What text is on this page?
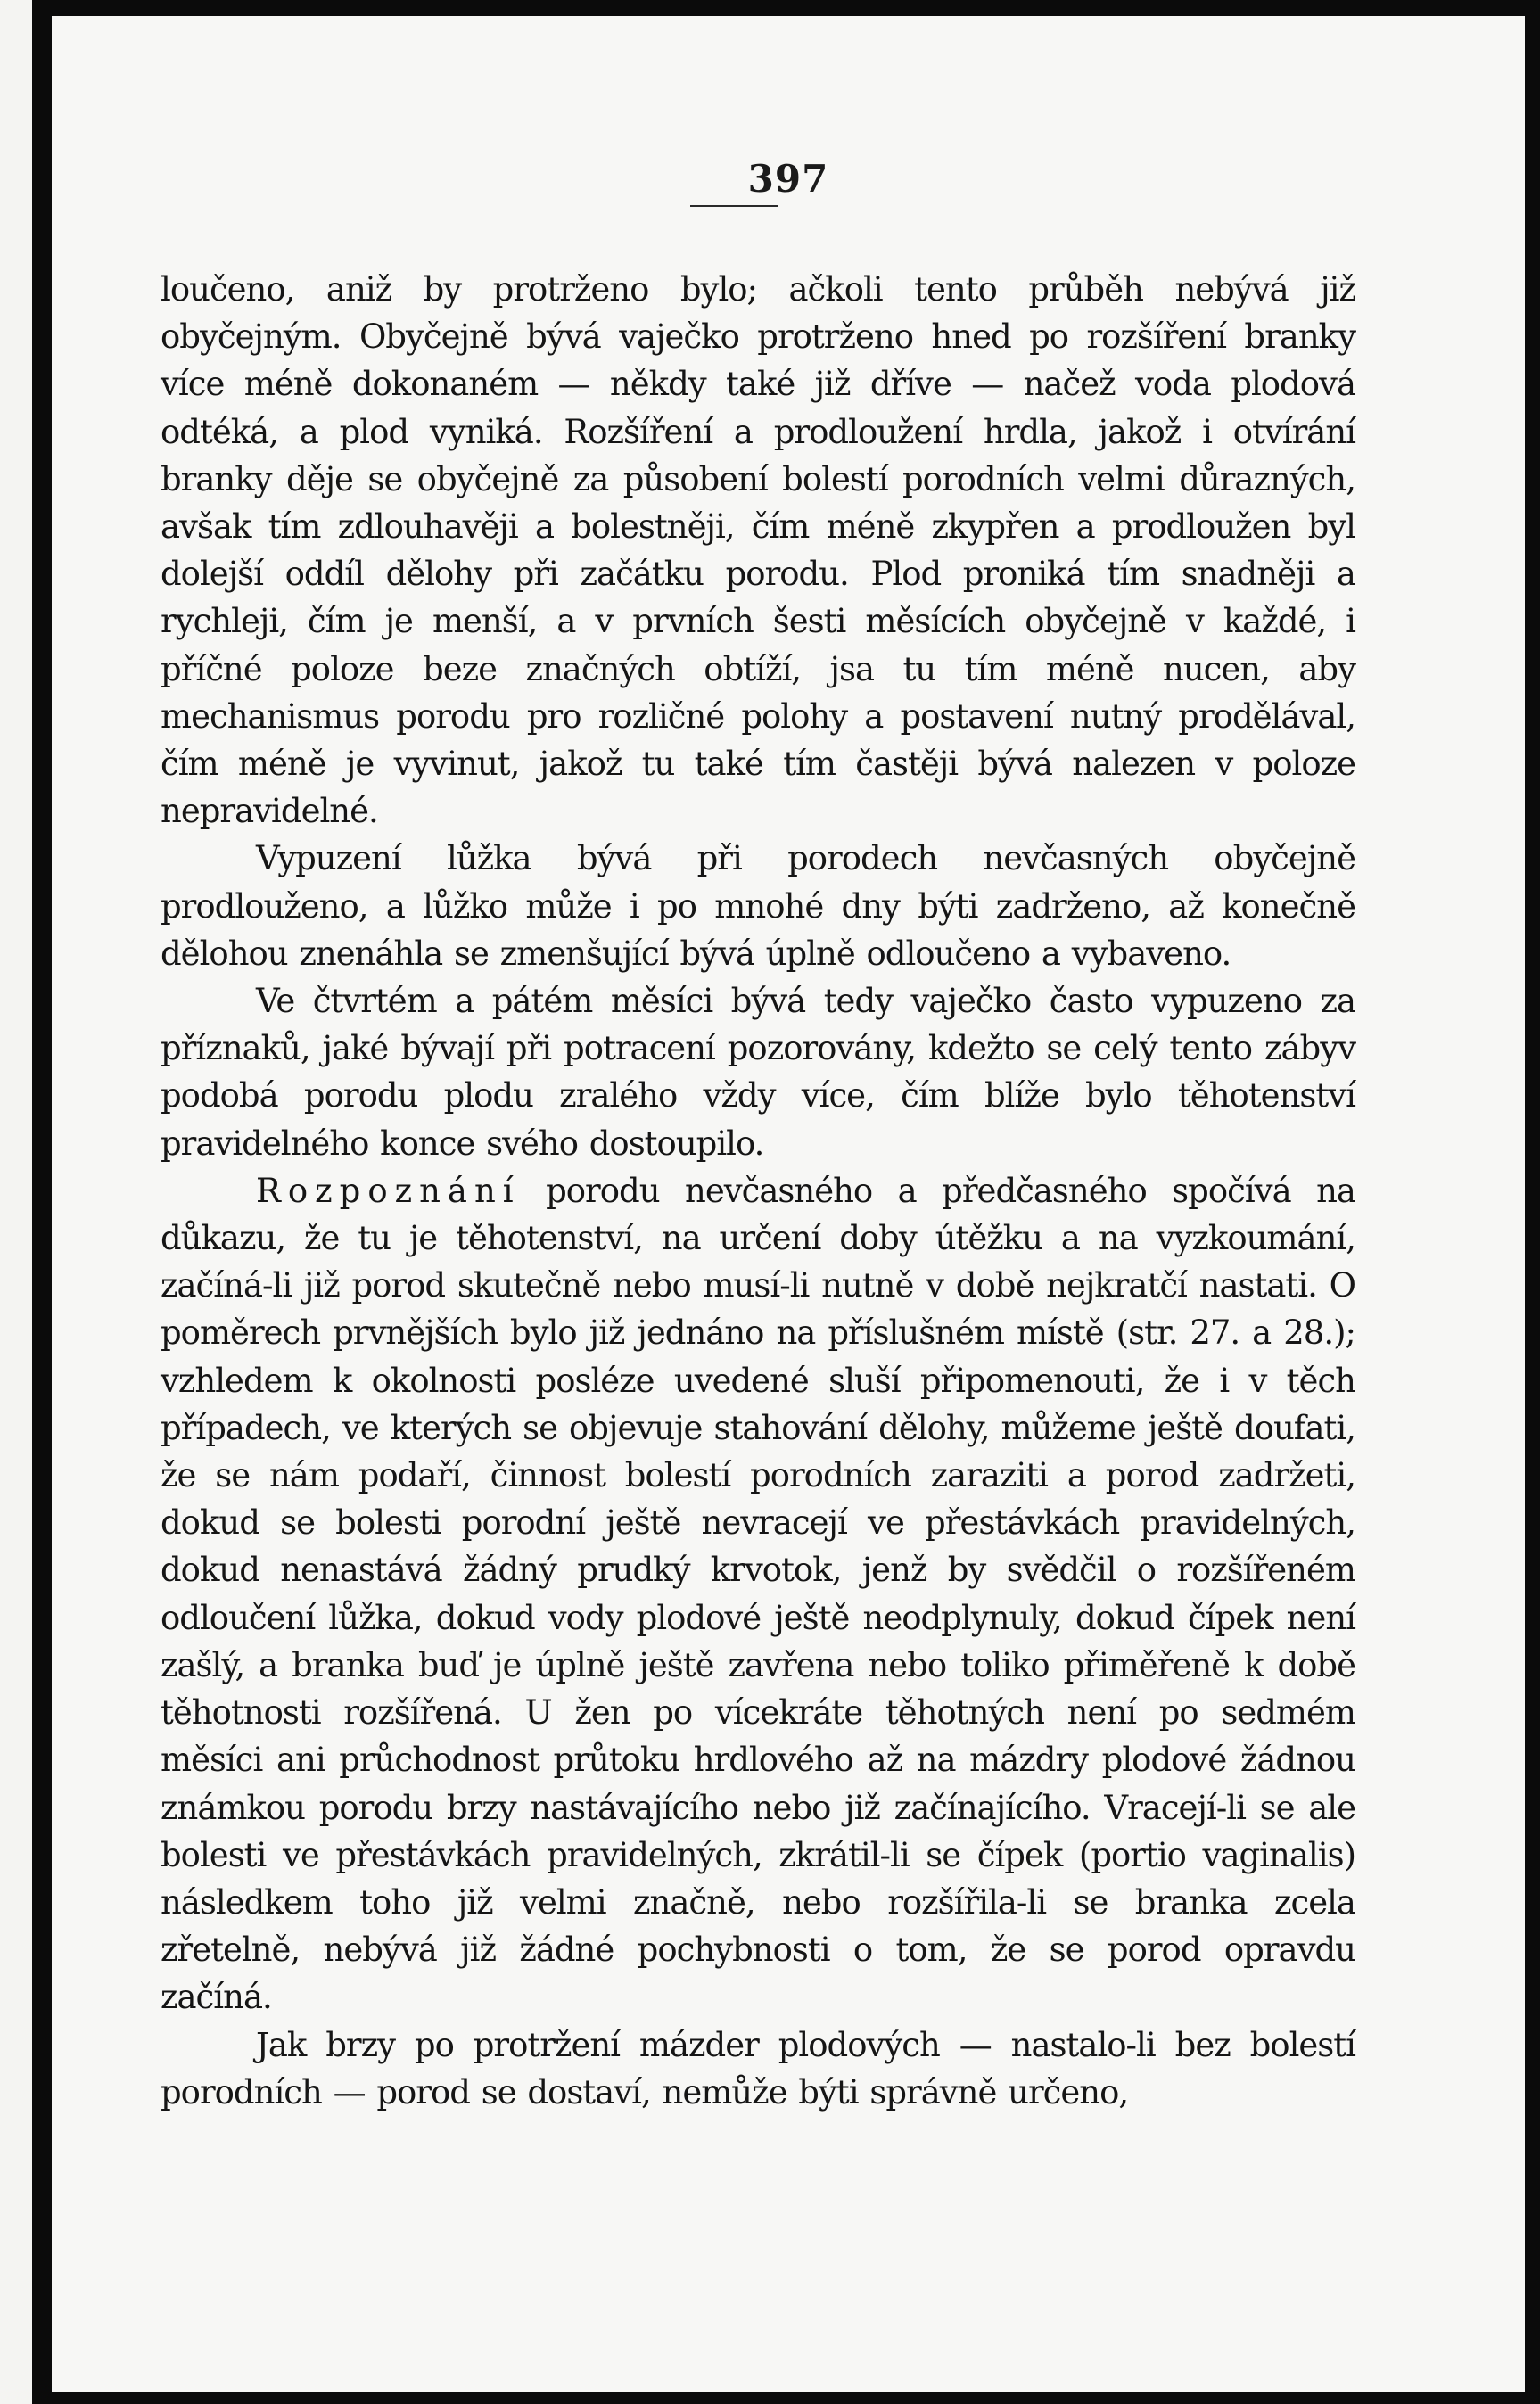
397

loučeno, aniž by protrženo bylo; ačkoli tento průběh nebývá již obyčejným. Obyčejně bývá vaječko protrženo hned po rozšíření branky více méně dokonaném — někdy také již dříve — načež voda plodová odtéká, a plod vyniká. Rozšíření a prodloužení hrdla, jakož i otvírání branky děje se obyčejně za působení bolestí porodních velmi důrazných, avšak tím zdlouhavěji a bolestněji, čím méně zkypřen a prodloužen byl dolejší oddíl dělohy při začátku porodu. Plod proniká tím snadněji a rychleji, čím je menší, a v prvních šesti měsících obyčejně v každé, i příčné poloze beze značných obtíží, jsa tu tím méně nucen, aby mechanismus porodu pro rozličné polohy a postavení nutný prodělával, čím méně je vyvinut, jakož tu také tím častěji bývá nalezen v poloze nepravidelné.

Vypuzení lůžka bývá při porodech nevčasných obyčejně prodlouženo, a lůžko může i po mnohé dny býti zadrženo, až konečně dělohou znenáhla se zmenšující bývá úplně odloučeno a vybaveno.

Ve čtvrtém a pátém měsíci bývá tedy vaječko často vypuzeno za příznaků, jaké bývají při potracení pozorovány, kdežto se celý tento zábyv podobá porodu plodu zralého vždy více, čím blíže bylo těhotenství pravidelného konce svého dostoupilo.

Rozpoznání porodu nevčasného a předčasného spočívá na důkazu, že tu je těhotenství, na určení doby útěžku a na vyzkoumání, začíná-li již porod skutečně nebo musí-li nutně v době nejkratčí nastati. O poměrech prvnějších bylo již jednáno na příslušném místě (str. 27. a 28.); vzhledem k okolnosti posléze uvedené sluší připomenouti, že i v těch případech, ve kterých se objevuje stahování dělohy, můžeme ještě doufati, že se nám podaří, činnost bolestí porodních zaraziti a porod zadržeti, dokud se bolesti porodní ještě nevracejí ve přestávkách pravidelných, dokud nenastává žádný prudký krvotok, jenž by svědčil o rozšířeném odloučení lůžka, dokud vody plodové ještě neodplynuly, dokud čípek není zašlý, a branka buď je úplně ještě zavřena nebo toliko přiměřeně k době těhotnosti rozšířená. U žen po vícekráte těhotných není po sedmém měsíci ani průchodnost průtoku hrdlového až na mázdry plodové žádnou známkou porodu brzy nastávajícího nebo již začínajícího. Vracejí-li se ale bolesti ve přestávkách pravidelných, zkrátil-li se čípek (portio vaginalis) následkem toho již velmi značně, nebo rozšířila-li se branka zcela zřetelně, nebývá již žádné pochybnosti o tom, že se porod opravdu začíná.

Jak brzy po protržení mázder plodových — nastalo-li bez bolestí porodních — porod se dostaví, nemůže býti správně určeno,
